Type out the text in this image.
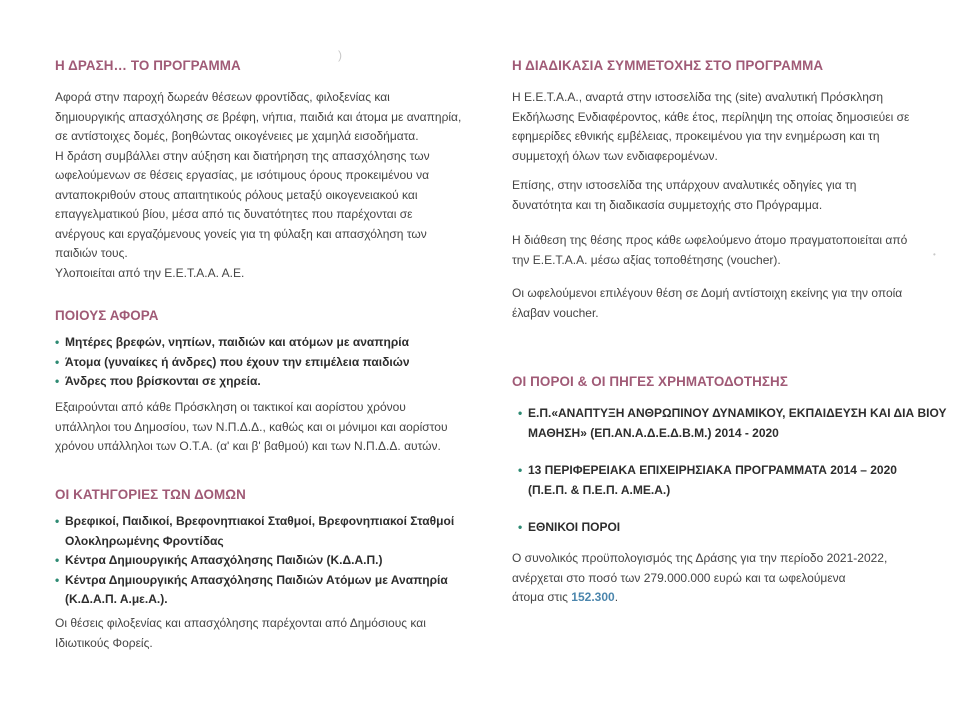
Η ΔΡΑΣΗ… ΤΟ ΠΡΟΓΡΑΜΜΑ
Αφορά στην παροχή δωρεάν θέσεων φροντίδας, φιλοξενίας και
δημιουργικής απασχόλησης σε βρέφη, νήπια, παιδιά και άτομα με αναπηρία,
σε αντίστοιχες δομές, βοηθώντας οικογένειες με χαμηλά εισοδήματα.
Η δράση συμβάλλει στην αύξηση και διατήρηση της απασχόλησης των
ωφελούμενων σε θέσεις εργασίας, με ισότιμους όρους προκειμένου να
ανταποκριθούν στους απαιτητικούς ρόλους μεταξύ οικογενειακού και
επαγγελματικού βίου, μέσα από τις δυνατότητες που παρέχονται σε
ανέργους και εργαζόμενους γονείς για τη φύλαξη και απασχόληση των
παιδιών τους.
Υλοποιείται από την Ε.Ε.Τ.Α.Α. Α.Ε.
ΠΟΙΟΥΣ ΑΦΟΡΑ
• Μητέρες βρεφών, νηπίων, παιδιών και ατόμων με αναπηρία
• Άτομα (γυναίκες ή άνδρες) που έχουν την επιμέλεια παιδιών
• Άνδρες που βρίσκονται σε χηρεία.
Εξαιρούνται από κάθε Πρόσκληση οι τακτικοί και αορίστου χρόνου
υπάλληλοι του Δημοσίου, των Ν.Π.Δ.Δ., καθώς και οι μόνιμοι και αορίστου
χρόνου υπάλληλοι των Ο.Τ.Α. (α' και β' βαθμού) και των Ν.Π.Δ.Δ. αυτών.
ΟΙ ΚΑΤΗΓΟΡΙΕΣ ΤΩΝ ΔΟΜΩΝ
• Βρεφικοί, Παιδικοί, Βρεφονηπιακοί Σταθμοί, Βρεφονηπιακοί Σταθμοί
Ολοκληρωμένης Φροντίδας
• Κέντρα Δημιουργικής Απασχόλησης Παιδιών (Κ.Δ.Α.Π.)
• Κέντρα Δημιουργικής Απασχόλησης Παιδιών Ατόμων με Αναπηρία
(Κ.Δ.Α.Π. Α.με.Α.).
Οι θέσεις φιλοξενίας και απασχόλησης παρέχονται από Δημόσιους και
Ιδιωτικούς Φορείς.
)
•
Η ΔΙΑΔΙΚΑΣΙΑ ΣΥΜΜΕΤΟΧΗΣ ΣΤΟ ΠΡΟΓΡΑΜΜΑ
Η Ε.Ε.Τ.Α.Α., αναρτά στην ιστοσελίδα της (site) αναλυτική Πρόσκληση
Εκδήλωσης Ενδιαφέροντος, κάθε έτος, περίληψη της οποίας δημοσιεύει σε
εφημερίδες εθνικής εμβέλειας, προκειμένου για την ενημέρωση και τη
συμμετοχή όλων των ενδιαφερομένων.
Επίσης, στην ιστοσελίδα της υπάρχουν αναλυτικές οδηγίες για τη
δυνατότητα και τη διαδικασία συμμετοχής στο Πρόγραμμα.
Η διάθεση της θέσης προς κάθε ωφελούμενο άτομο πραγματοποιείται από
την Ε.Ε.Τ.Α.Α. μέσω αξίας τοποθέτησης (voucher).
Οι ωφελούμενοι επιλέγουν θέση σε Δομή αντίστοιχη εκείνης για την οποία
έλαβαν voucher.
ΟΙ ΠΟΡΟΙ & ΟΙ ΠΗΓΕΣ ΧΡΗΜΑΤΟΔΟΤΗΣΗΣ
• Ε.Π.«ΑΝΑΠΤΥΞΗ ΑΝΘΡΩΠΙΝΟΥ ΔΥΝΑΜΙΚΟΥ, ΕΚΠΑΙΔΕΥΣΗ ΚΑΙ ΔΙΑ ΒΙΟΥ
ΜΑΘΗΣΗ» (ΕΠ.ΑΝ.Α.Δ.Ε.Δ.Β.Μ.) 2014 - 2020
• 13 ΠΕΡΙΦΕΡΕΙΑΚΑ ΕΠΙΧΕΙΡΗΣΙΑΚΑ ΠΡΟΓΡΑΜΜΑΤΑ 2014 – 2020
(Π.Ε.Π. & Π.Ε.Π. Α.ΜΕ.Α.)
• ΕΘΝΙΚΟΙ ΠΟΡΟΙ
Ο συνολικός προϋπολογισμός της Δράσης για την περίοδο 2021-2022,
ανέρχεται στο ποσό των 279.000.000 ευρώ και τα ωφελούμενα
άτομα στις 152.300.
